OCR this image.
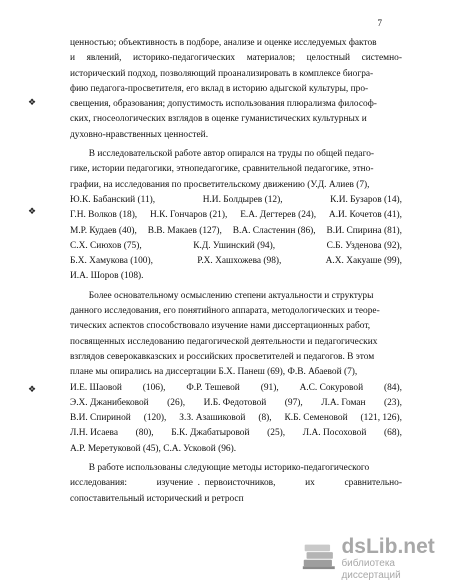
7
❖
❖
❖
ценностью; объективность в подборе, анализе и оценке исследуемых фактов
и явлений, историко-педагогических материалов; целостный системно-
исторический подход, позволяющий проанализировать в комплексе биогра-
фию педагога-просветителя, его вклад в историю адыгской культуры, про-
свещения, образования; допустимость использования плюрализма философ-
ских, гносеологических взглядов в оценке гуманистических культурных и
духовно-нравственных ценностей.
В исследовательской работе автор опирался на труды по общей педаго-
гике, истории педагогики, этнопедагогике, сравнительной педагогике, этно-
графии, на исследования по просветительскому движению (У.Д. Алиев (7),
Ю.К. Бабанский (11),	Н.И. Болдырев (12),	К.И. Бузаров (14),
Г.Н. Волков (18), Н.К. Гончаров (21), Е.А. Дегтерев (24), А.И. Кочетов (41),
М.Р. Кудаев (40), В.В. Макаев (127), В.А. Сластенин (86), В.И. Спирина (81),
С.Х. Сиюхов (75),	К.Д. Ушинский (94),	С.Б. Узденова (92),
Б.Х. Хамукова (100),	Р.Х. Хашхожева (98),	А.Х. Хакуаше (99),
И.А. Шоров (108).
Более основательному осмыслению степени актуальности и структуры
данного исследования, его понятийного аппарата, методологических и теоре-
тических аспектов способствовало изучение нами диссертационных работ,
посвященных исследованию педагогической деятельности и педагогических
взглядов северокавказских и российских просветителей и педагогов. В этом
плане мы опирались на диссертации Б.Х. Панеш (69), Ф.В. Абаевой (7),
И.Е. Шаовой (106), Ф.Р. Тешевой (91), А.С. Сокуровой (84),
Э.Х. Джанибековой (26), И.Б. Федотовой (97), Л.А. Гоман (23),
В.И. Спириной (120), З.З. Азашиковой (8), К.Б. Семеновой (121, 126),
Л.Н. Исаева (80), Б.К. Джабатыровой (25), Л.А. Посоховой (68),
А.Р. Меретуковой (45), С.А. Усковой (96).
В работе использованы следующие методы историко-педагогического
исследования:	изучение  .  первоисточников,	их	сравнительно-
сопоставительный исторический и ретросп
dsLib.net
библиотека диссертаций
